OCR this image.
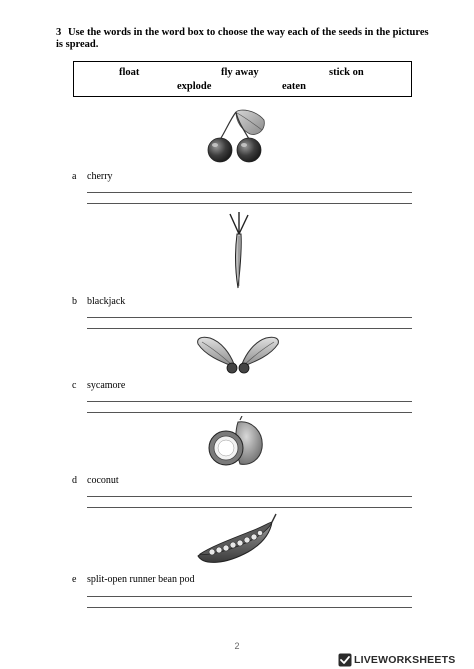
3 Use the words in the word box to choose the way each of the seeds in the pictures is spread.
float	fly away	stick on
explode	eaten
a cherry
b blackjack
c sycamore
d coconut
e split-open runner bean pod
2
LIVEWORKSHEETS
